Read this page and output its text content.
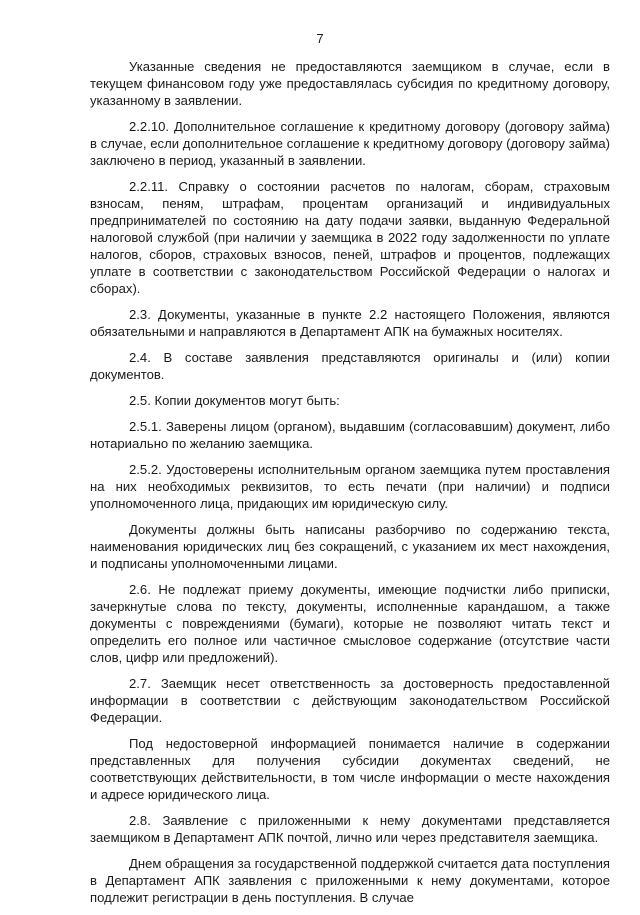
7

Указанные сведения не предоставляются заемщиком в случае, если в текущем финансовом году уже предоставлялась субсидия по кредитному договору, указанному в заявлении.

2.2.10. Дополнительное соглашение к кредитному договору (договору займа) в случае, если дополнительное соглашение к кредитному договору (договору займа) заключено в период, указанный в заявлении.

2.2.11. Справку о состоянии расчетов по налогам, сборам, страховым взносам, пеням, штрафам, процентам организаций и индивидуальных предпринимателей по состоянию на дату подачи заявки, выданную Федеральной налоговой службой (при наличии у заемщика в 2022 году задолженности по уплате налогов, сборов, страховых взносов, пеней, штрафов и процентов, подлежащих уплате в соответствии с законодательством Российской Федерации о налогах и сборах).

2.3. Документы, указанные в пункте 2.2 настоящего Положения, являются обязательными и направляются в Департамент АПК на бумажных носителях.

2.4. В составе заявления представляются оригиналы и (или) копии документов.

2.5. Копии документов могут быть:

2.5.1. Заверены лицом (органом), выдавшим (согласовавшим) документ, либо нотариально по желанию заемщика.

2.5.2. Удостоверены исполнительным органом заемщика путем проставления на них необходимых реквизитов, то есть печати (при наличии) и подписи уполномоченного лица, придающих им юридическую силу.

Документы должны быть написаны разборчиво по содержанию текста, наименования юридических лиц без сокращений, с указанием их мест нахождения, и подписаны уполномоченными лицами.

2.6. Не подлежат приему документы, имеющие подчистки либо приписки, зачеркнутые слова по тексту, документы, исполненные карандашом, а также документы с повреждениями (бумаги), которые не позволяют читать текст и определить его полное или частичное смысловое содержание (отсутствие части слов, цифр или предложений).

2.7. Заемщик несет ответственность за достоверность предоставленной информации в соответствии с действующим законодательством Российской Федерации.

Под недостоверной информацией понимается наличие в содержании представленных для получения субсидии документах сведений, не соответствующих действительности, в том числе информации о месте нахождения и адресе юридического лица.

2.8. Заявление с приложенными к нему документами представляется заемщиком в Департамент АПК почтой, лично или через представителя заемщика.

Днем обращения за государственной поддержкой считается дата поступления в Департамент АПК заявления с приложенными к нему документами, которое подлежит регистрации в день поступления. В случае
